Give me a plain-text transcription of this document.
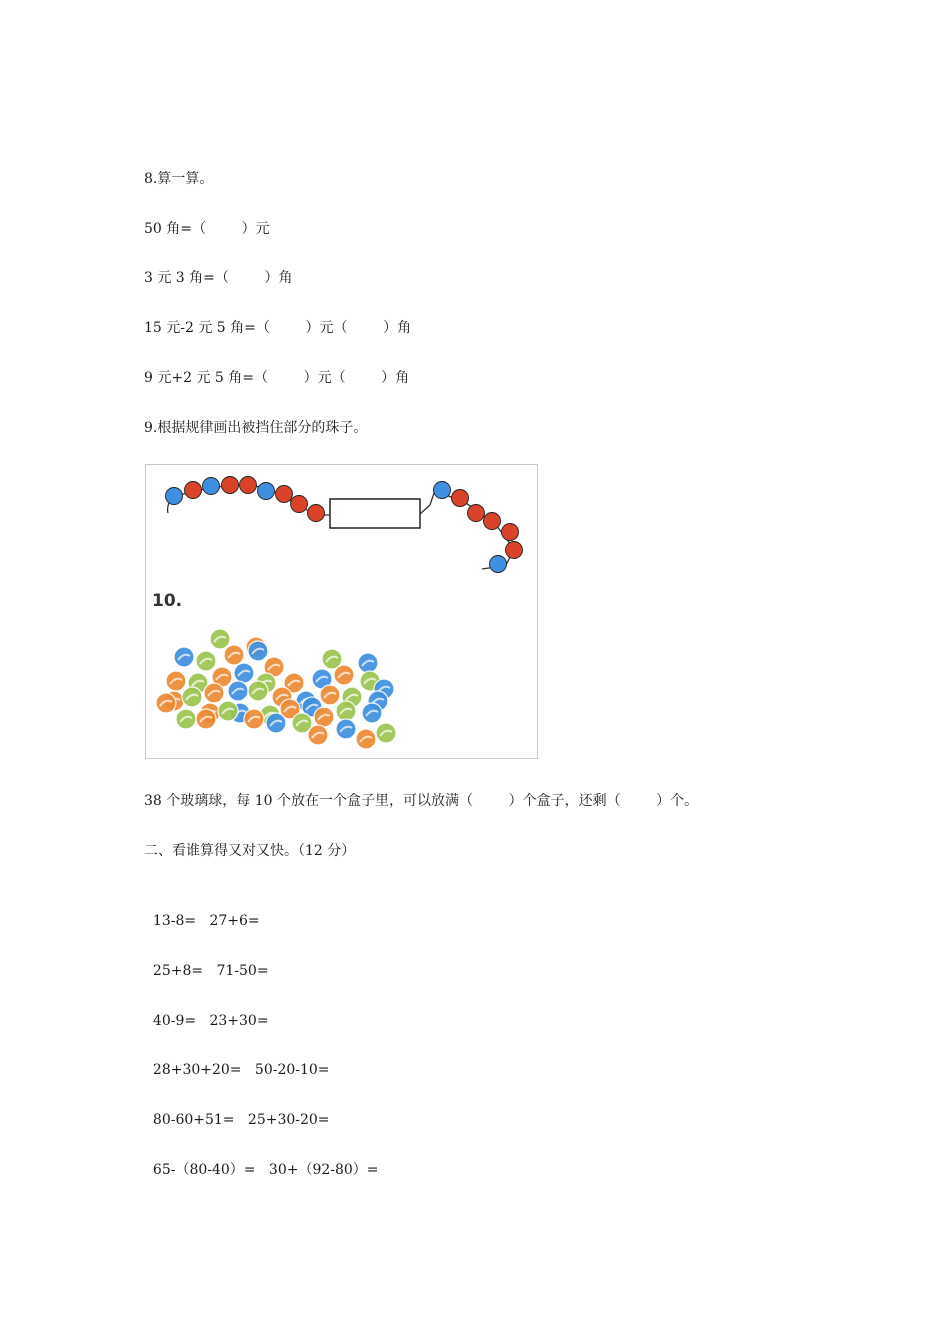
8.算一算。
50 角=（        ）元
3 元 3 角=（        ）角
15 元-2 元 5 角=（        ）元（        ）角
9 元+2 元 5 角=（        ）元（        ）角
9.根据规律画出被挡住部分的珠子。
10.
38 个玻璃球，每 10 个放在一个盒子里，可以放满（        ）个盒子，还剩（        ）个。
二、看谁算得又对又快。（12 分）

13-8= 27+6=

25+8= 71-50=

40-9= 23+30=

28+30+20= 50-20-10=

80-60+51= 25+30-20=

65-（80-40）= 30+（92-80）=
